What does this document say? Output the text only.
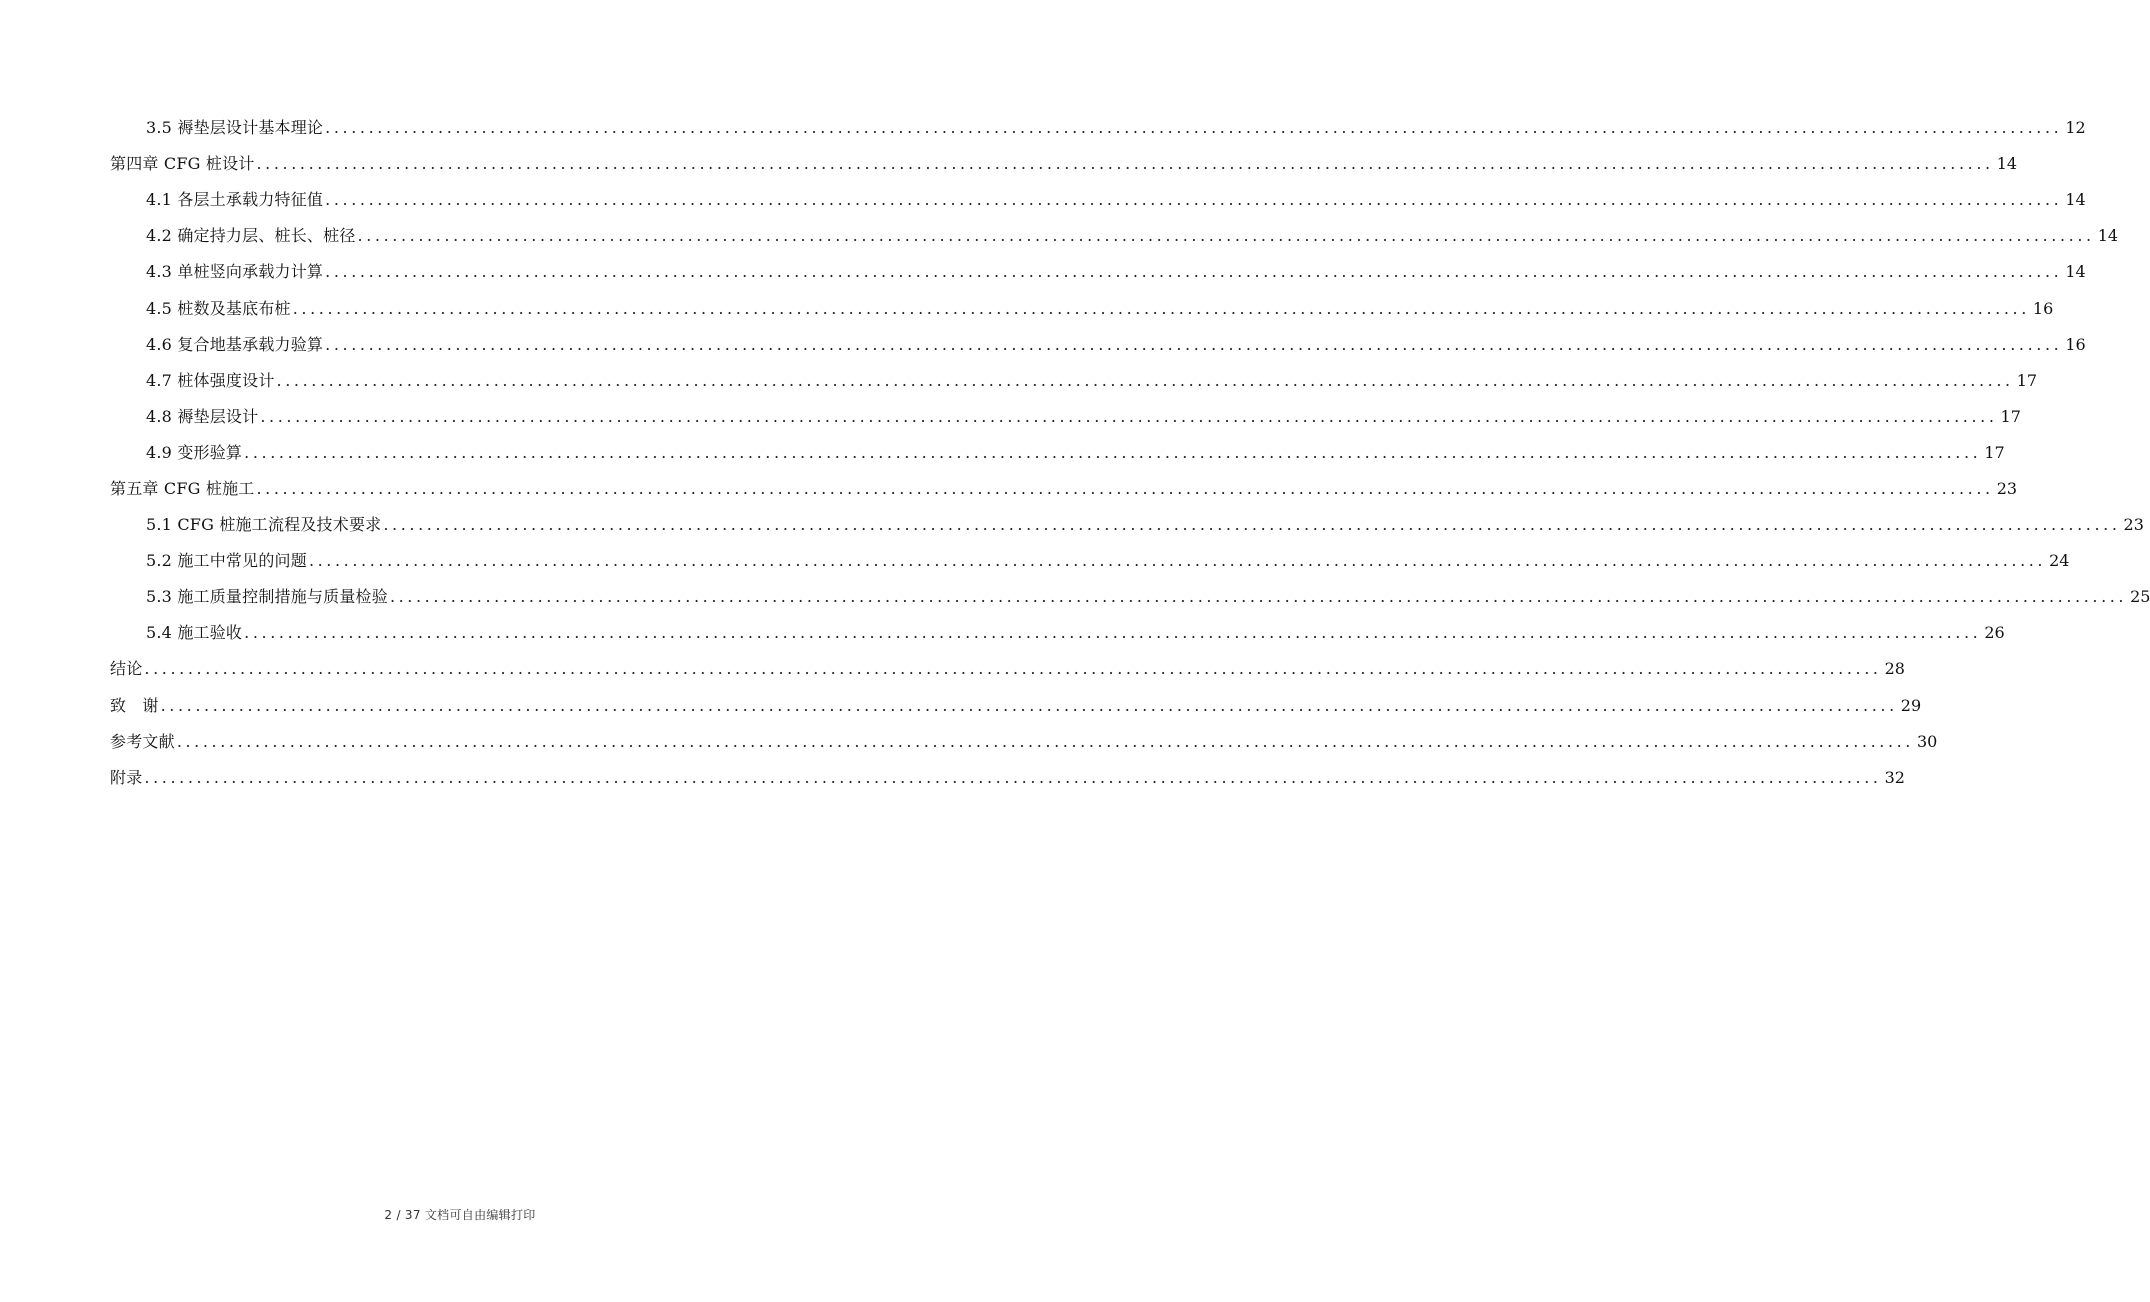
3.5 褥垫层设计基本理论 ........................................................................................................................................................................................................ 12
第四章 CFG 桩设计 ........................................................................................................................................................................................................ 14
4.1 各层土承载力特征值 ........................................................................................................................................................................................................ 14
4.2 确定持力层、桩长、桩径 ........................................................................................................................................................................................................ 14
4.3 单桩竖向承载力计算 ........................................................................................................................................................................................................ 14
4.5 桩数及基底布桩 ........................................................................................................................................................................................................ 16
4.6 复合地基承载力验算 ........................................................................................................................................................................................................ 16
4.7 桩体强度设计 ........................................................................................................................................................................................................ 17
4.8 褥垫层设计 ........................................................................................................................................................................................................ 17
4.9 变形验算 ........................................................................................................................................................................................................ 17
第五章 CFG 桩施工 ........................................................................................................................................................................................................ 23
5.1 CFG 桩施工流程及技术要求 ........................................................................................................................................................................................................ 23
5.2 施工中常见的问题 ........................................................................................................................................................................................................ 24
5.3 施工质量控制措施与质量检验 ........................................................................................................................................................................................................ 25
5.4 施工验收 ........................................................................................................................................................................................................ 26
结论 ........................................................................................................................................................................................................ 28
致　谢 ........................................................................................................................................................................................................ 29
参考文献 ........................................................................................................................................................................................................ 30
附录 ........................................................................................................................................................................................................ 32
2 / 37 文档可自由编辑打印
